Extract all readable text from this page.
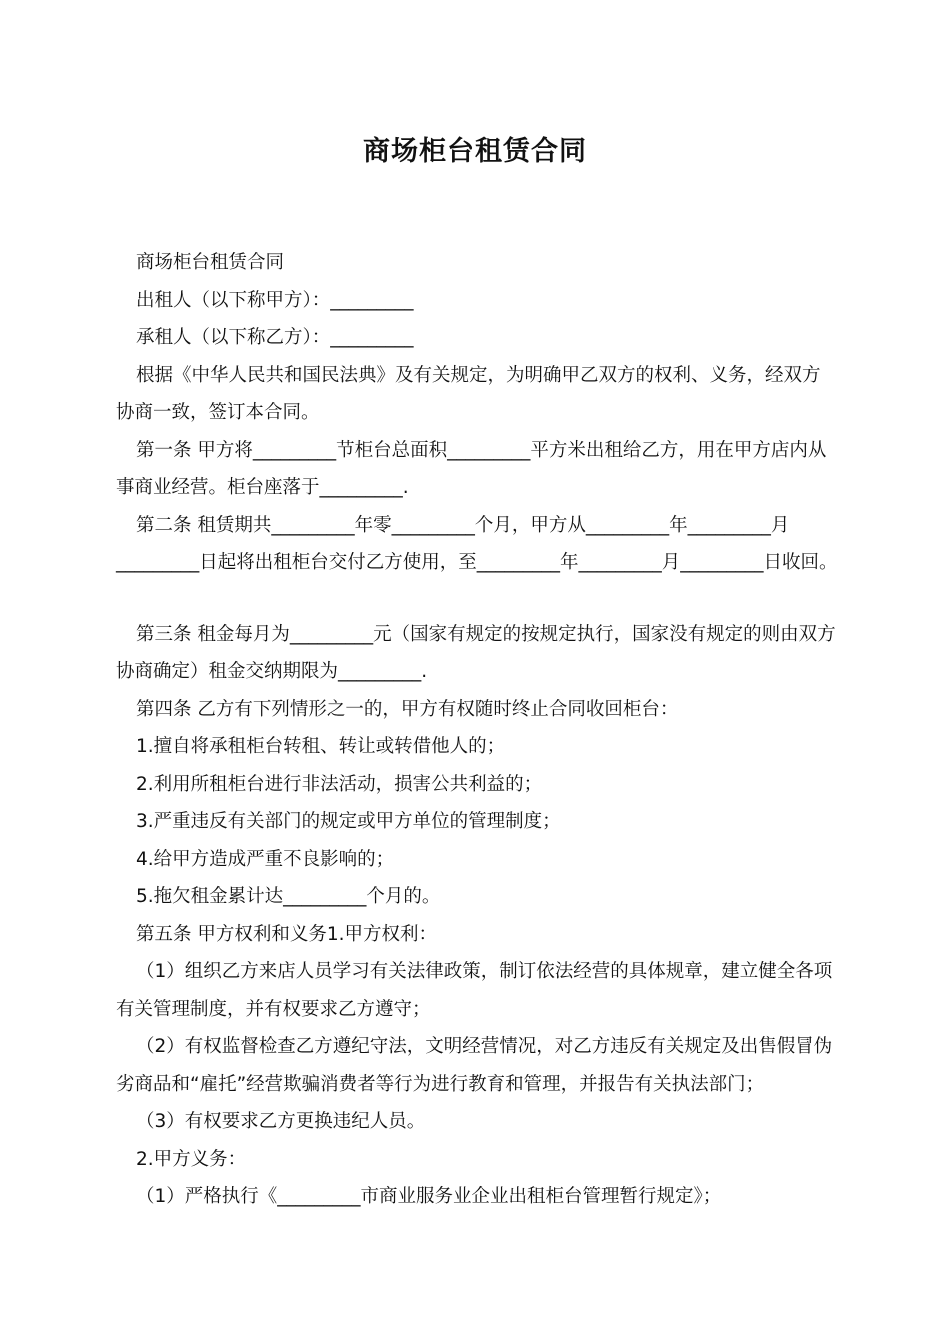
商场柜台租赁合同

商场柜台租赁合同

出租人（以下称甲方）：_________

承租人（以下称乙方）：_________

根据《中华人民共和国民法典》及有关规定，为明确甲乙双方的权利、义务，经双方协商一致，签订本合同。

第一条 甲方将_________节柜台总面积_________平方米出租给乙方，用在甲方店内从事商业经营。柜台座落于_________.

第二条 租赁期共_________年零_________个月，甲方从_________年_________月_________日起将出租柜台交付乙方使用，至_________年_________月_________日收回。

第三条 租金每月为_________元（国家有规定的按规定执行，国家没有规定的则由双方协商确定）租金交纳期限为_________.

第四条 乙方有下列情形之一的，甲方有权随时终止合同收回柜台：

1.擅自将承租柜台转租、转让或转借他人的；

2.利用所租柜台进行非法活动，损害公共利益的；

3.严重违反有关部门的规定或甲方单位的管理制度；

4.给甲方造成严重不良影响的；

5.拖欠租金累计达_________个月的。

第五条 甲方权利和义务1.甲方权利：

（1）组织乙方来店人员学习有关法律政策，制订依法经营的具体规章，建立健全各项有关管理制度，并有权要求乙方遵守；

（2）有权监督检查乙方遵纪守法，文明经营情况，对乙方违反有关规定及出售假冒伪劣商品和“雇托”经营欺骗消费者等行为进行教育和管理，并报告有关执法部门；

（3）有权要求乙方更换违纪人员。

2.甲方义务：

（1）严格执行《_________市商业服务业企业出租柜台管理暂行规定》；
